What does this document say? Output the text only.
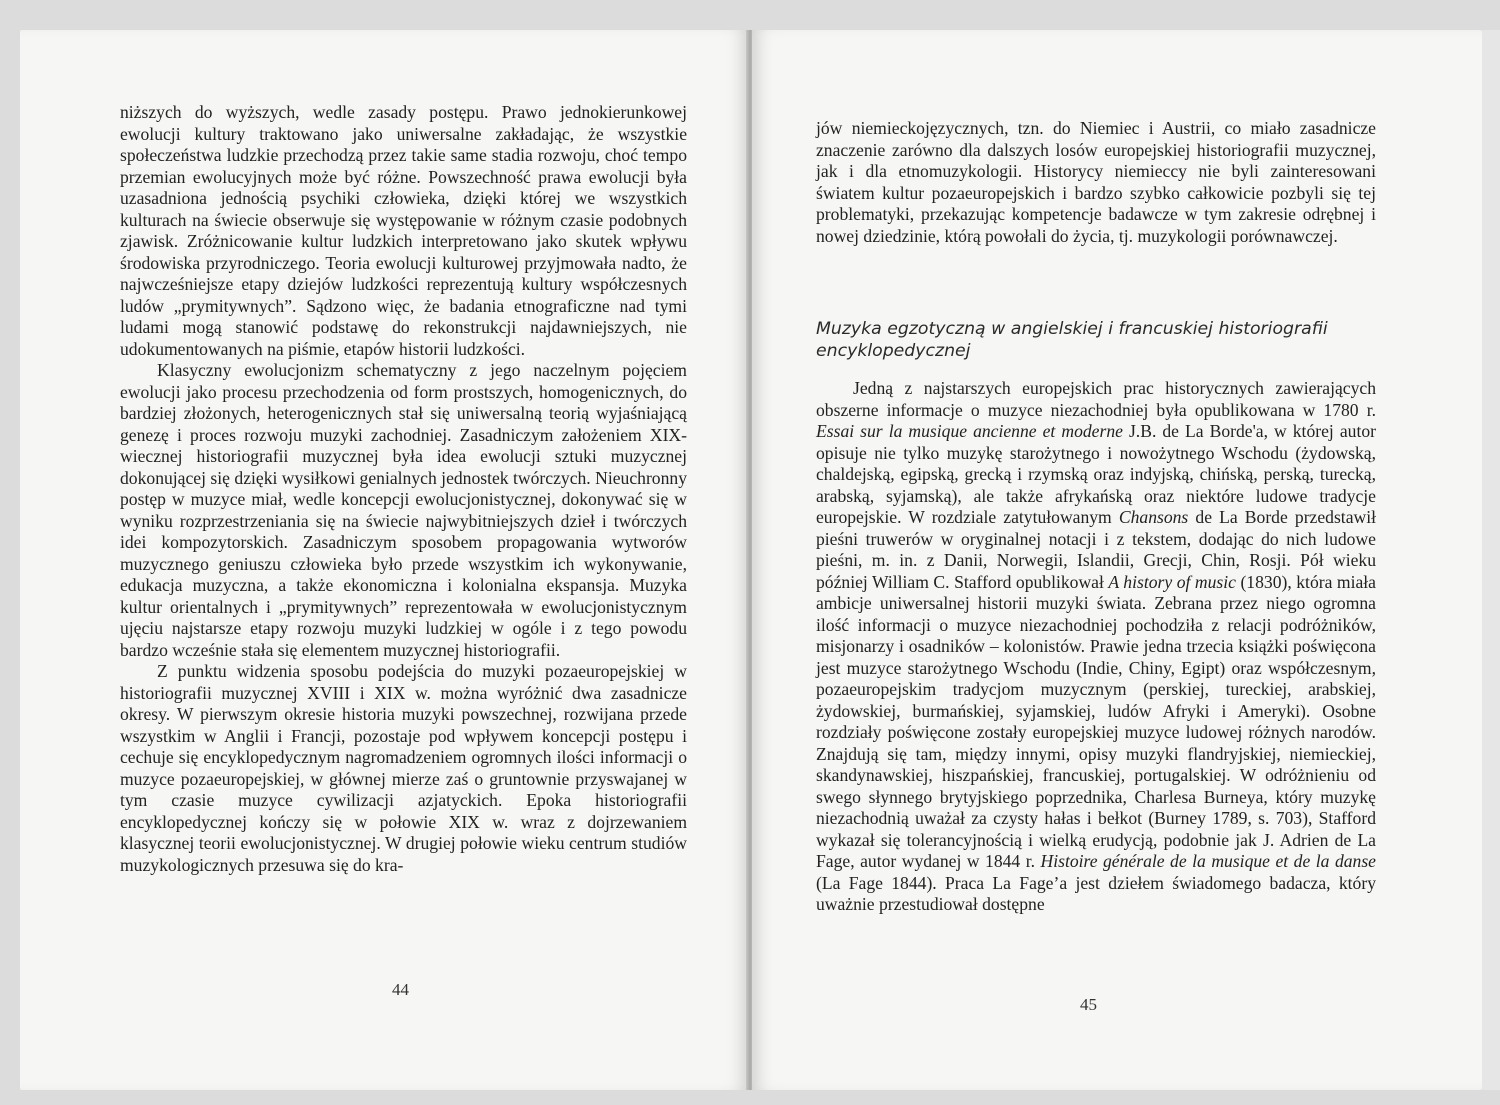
niższych do wyższych, wedle zasady postępu. Prawo jednokierunkowej ewolucji kultury traktowano jako uniwersalne zakładając, że wszystkie społeczeństwa ludzkie przechodzą przez takie same stadia rozwoju, choć tempo przemian ewolucyjnych może być różne. Powszechność prawa ewolucji była uzasadniona jednością psychiki człowieka, dzięki której we wszystkich kulturach na świecie obserwuje się występowanie w różnym czasie podobnych zjawisk. Zróżnicowanie kultur ludzkich interpretowano jako skutek wpływu środowiska przyrodniczego. Teoria ewolucji kulturowej przyjmowała nadto, że najwcześniejsze etapy dziejów ludzkości reprezentują kultury współczesnych ludów „prymitywnych”. Sądzono więc, że badania etnograficzne nad tymi ludami mogą stanowić podstawę do rekonstrukcji najdawniejszych, nie udokumentowanych na piśmie, etapów historii ludzkości.

Klasyczny ewolucjonizm schematyczny z jego naczelnym pojęciem ewolucji jako procesu przechodzenia od form prostszych, homogenicznych, do bardziej złożonych, heterogenicznych stał się uniwersalną teorią wyjaśniającą genezę i proces rozwoju muzyki zachodniej. Zasadniczym założeniem XIX-wiecznej historiografii muzycznej była idea ewolucji sztuki muzycznej dokonującej się dzięki wysiłkowi genialnych jednostek twórczych. Nieuchronny postęp w muzyce miał, wedle koncepcji ewolucjonistycznej, dokonywać się w wyniku rozprzestrzeniania się na świecie najwybitniejszych dzieł i twórczych idei kompozytorskich. Zasadniczym sposobem propagowania wytworów muzycznego geniuszu człowieka było przede wszystkim ich wykonywanie, edukacja muzyczna, a także ekonomiczna i kolonialna ekspansja. Muzyka kultur orientalnych i „prymitywnych” reprezentowała w ewolucjonistycznym ujęciu najstarsze etapy rozwoju muzyki ludzkiej w ogóle i z tego powodu bardzo wcześnie stała się elementem muzycznej historiografii.

Z punktu widzenia sposobu podejścia do muzyki pozaeuropejskiej w historiografii muzycznej XVIII i XIX w. można wyróżnić dwa zasadnicze okresy. W pierwszym okresie historia muzyki powszechnej, rozwijana przede wszystkim w Anglii i Francji, pozostaje pod wpływem koncepcji postępu i cechuje się encyklopedycznym nagromadzeniem ogromnych ilości informacji o muzyce pozaeuropejskiej, w głównej mierze zaś o gruntownie przyswajanej w tym czasie muzyce cywilizacji azjatyckich. Epoka historiografii encyklopedycznej kończy się w połowie XIX w. wraz z dojrzewaniem klasycznej teorii ewolucjonistycznej. W drugiej połowie wieku centrum studiów muzykologicznych przesuwa się do kra-

44

jów niemieckojęzycznych, tzn. do Niemiec i Austrii, co miało zasadnicze znaczenie zarówno dla dalszych losów europejskiej historiografii muzycznej, jak i dla etnomuzykologii. Historycy niemieccy nie byli zainteresowani światem kultur pozaeuropejskich i bardzo szybko całkowicie pozbyli się tej problematyki, przekazując kompetencje badawcze w tym zakresie odrębnej i nowej dziedzinie, którą powołali do życia, tj. muzykologii porównawczej.

Muzyka egzotyczną w angielskiej i francuskiej historiografii encyklopedycznej

Jedną z najstarszych europejskich prac historycznych zawierających obszerne informacje o muzyce niezachodniej była opublikowana w 1780 r. Essai sur la musique ancienne et moderne J.B. de La Borde'a, w której autor opisuje nie tylko muzykę starożytnego i nowożytnego Wschodu (żydowską, chaldejską, egipską, grecką i rzymską oraz indyjską, chińską, perską, turecką, arabską, syjamską), ale także afrykańską oraz niektóre ludowe tradycje europejskie. W rozdziale zatytułowanym Chansons de La Borde przedstawił pieśni truwerów w oryginalnej notacji i z tekstem, dodając do nich ludowe pieśni, m. in. z Danii, Norwegii, Islandii, Grecji, Chin, Rosji. Pół wieku później William C. Stafford opublikował A history of music (1830), która miała ambicje uniwersalnej historii muzyki świata. Zebrana przez niego ogromna ilość informacji o muzyce niezachodniej pochodziła z relacji podróżników, misjonarzy i osadników – kolonistów. Prawie jedna trzecia książki poświęcona jest muzyce starożytnego Wschodu (Indie, Chiny, Egipt) oraz współczesnym, pozaeuropejskim tradycjom muzycznym (perskiej, tureckiej, arabskiej, żydowskiej, burmańskiej, syjamskiej, ludów Afryki i Ameryki). Osobne rozdziały poświęcone zostały europejskiej muzyce ludowej różnych narodów. Znajdują się tam, między innymi, opisy muzyki flandryjskiej, niemieckiej, skandynawskiej, hiszpańskiej, francuskiej, portugalskiej. W odróżnieniu od swego słynnego brytyjskiego poprzednika, Charlesa Burneya, który muzykę niezachodnią uważał za czysty hałas i bełkot (Burney 1789, s. 703), Stafford wykazał się tolerancyjnością i wielką erudycją, podobnie jak J. Adrien de La Fage, autor wydanej w 1844 r. Histoire générale de la musique et de la danse (La Fage 1844). Praca La Fage’a jest dziełem świadomego badacza, który uważnie przestudiował dostępne

45
